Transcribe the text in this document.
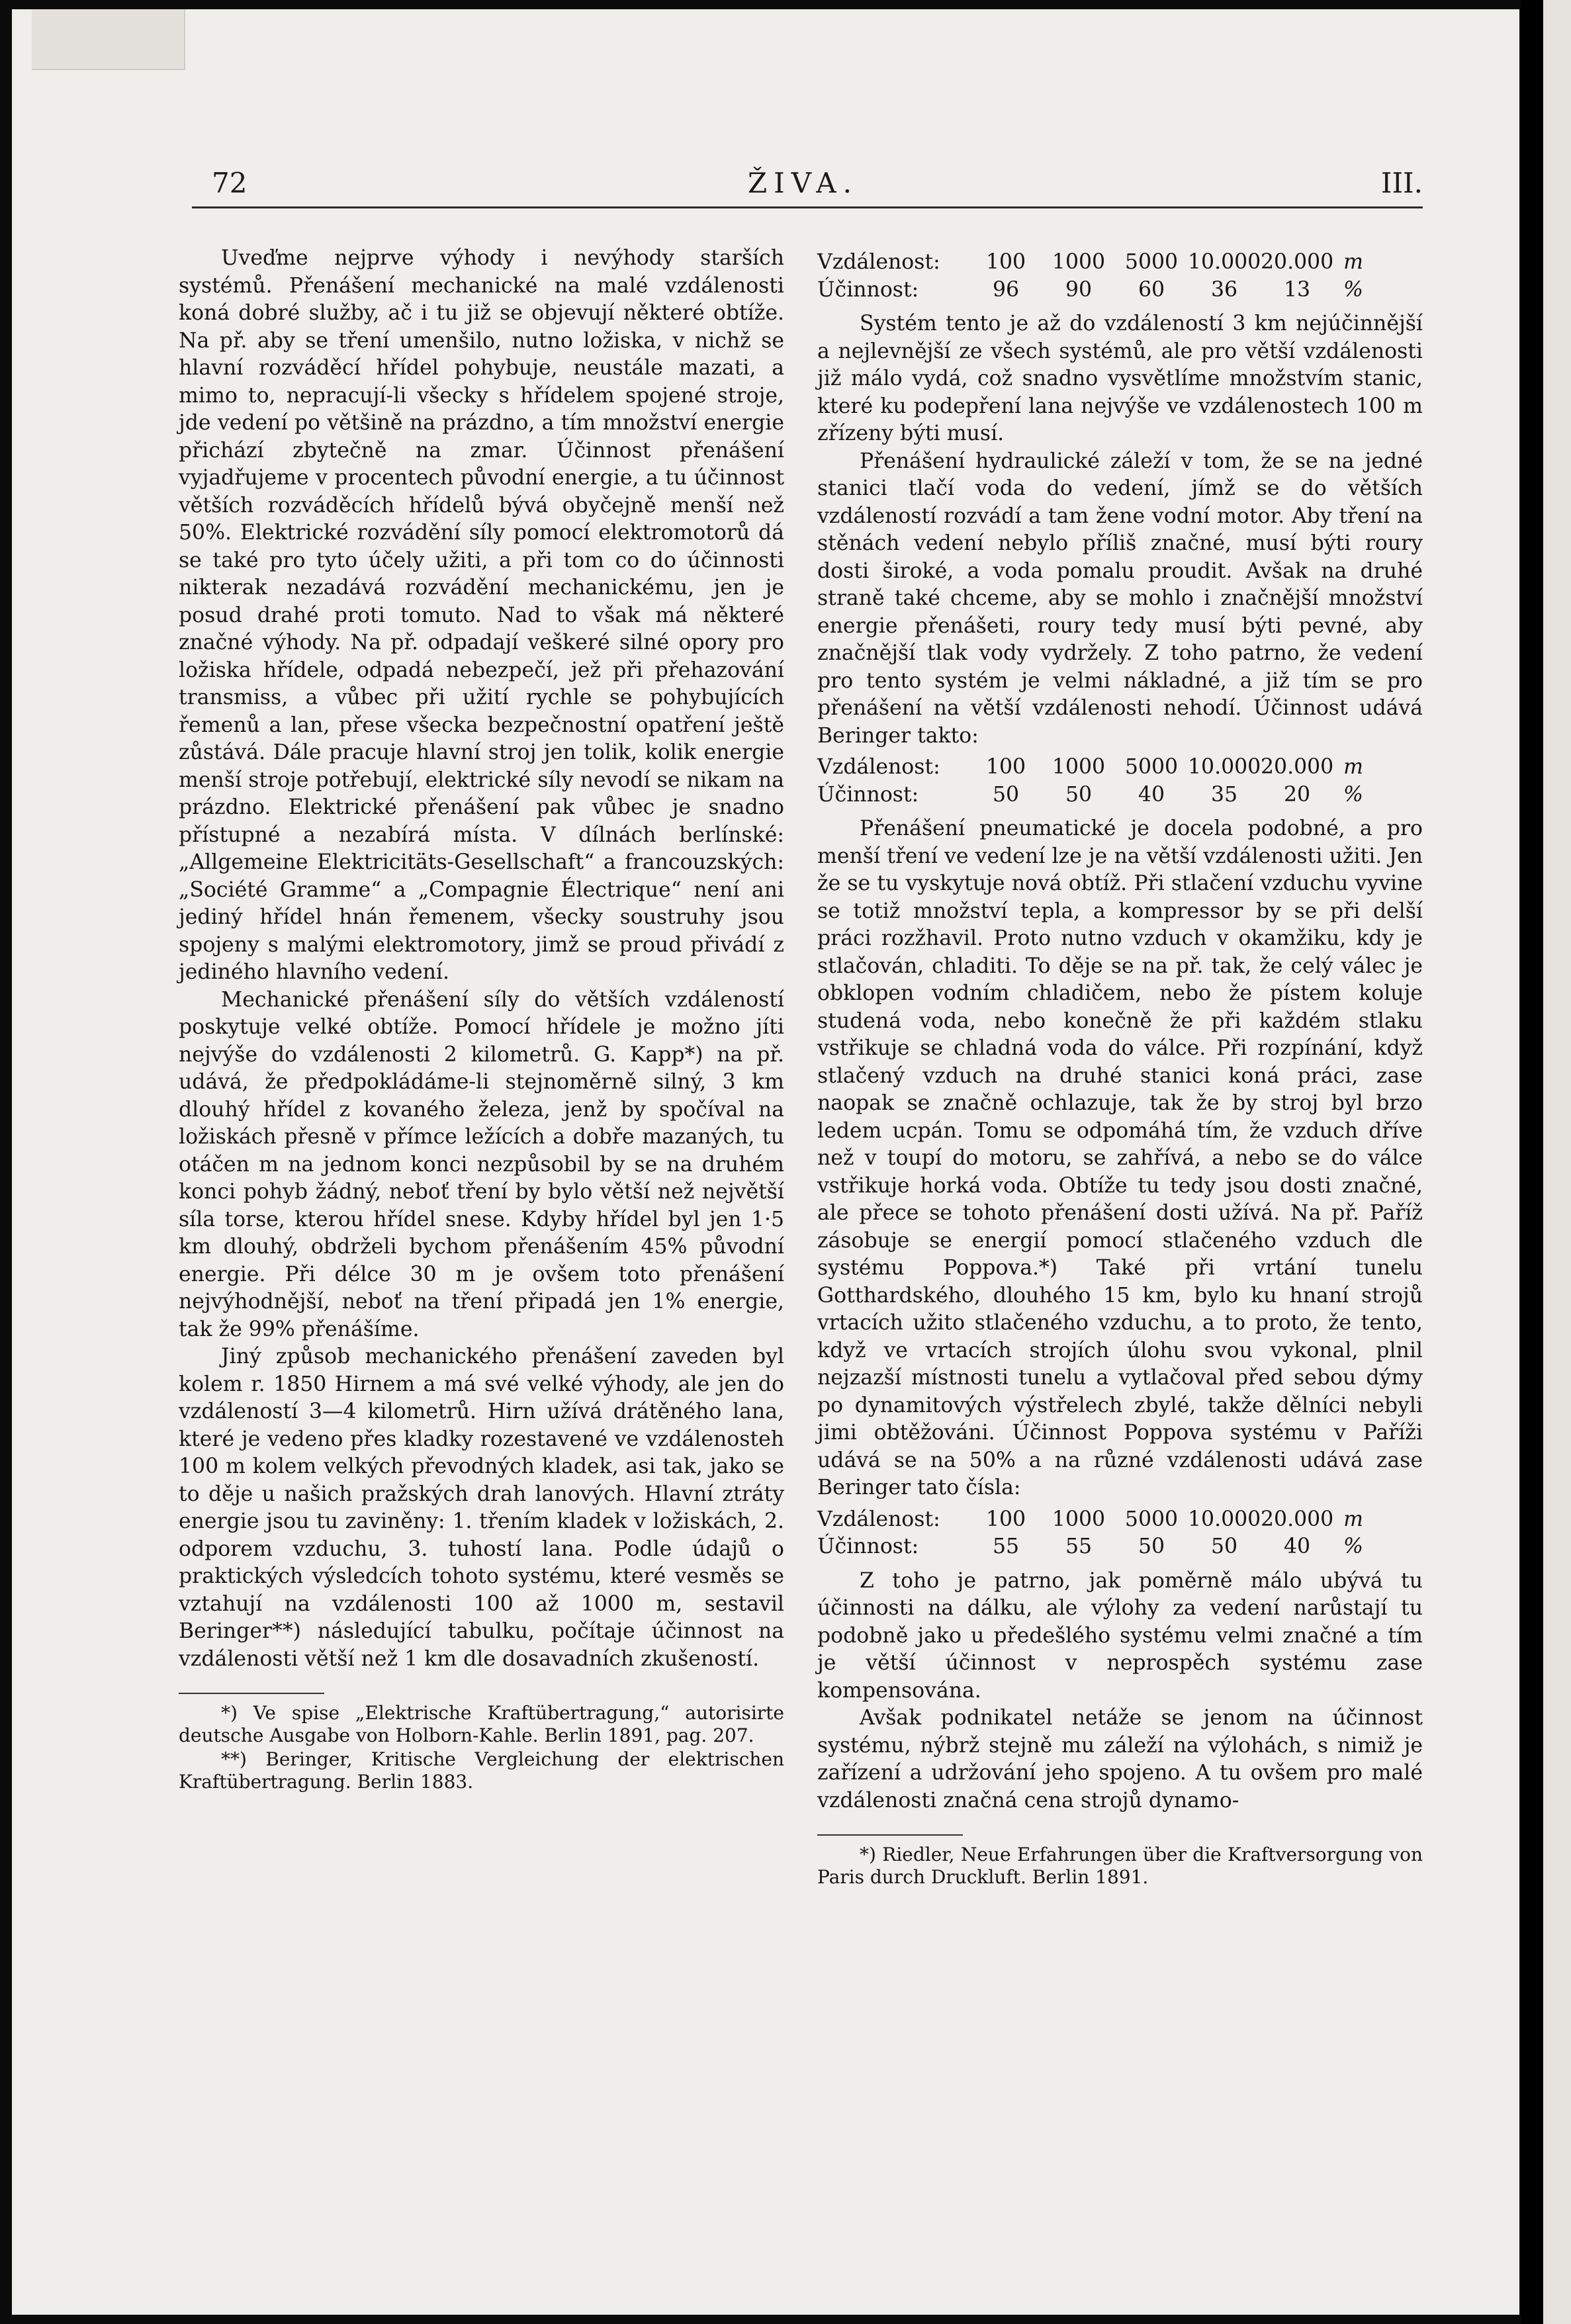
72	ŽIVA.	III.

Uveďme nejprve výhody i nevýhody starších systémů. Přenášení mechanické na malé vzdálenosti koná dobré služby, ač i tu již se objevují některé obtíže. Na př. aby se tření umenšilo, nutno ložiska, v nichž se hlavní rozváděcí hřídel pohybuje, neustále mazati, a mimo to, nepracují-li všecky s hřídelem spojené stroje, jde vedení po většině na prázdno, a tím množství energie přichází zbytečně na zmar. Účinnost přenášení vyjadřujeme v procentech původní energie, a tu účinnost větších rozváděcích hřídelů bývá obyčejně menší než 50%. Elektrické rozvádění síly pomocí elektromotorů dá se také pro tyto účely užiti, a při tom co do účinnosti nikterak nezadává rozvádění mechanickému, jen je posud drahé proti tomuto. Nad to však má některé značné výhody. Na př. odpadají veškeré silné opory pro ložiska hřídele, odpadá nebezpečí, jež při přehazování transmiss, a vůbec při užití rychle se pohybujících řemenů a lan, přese všecka bezpečnostní opatření ještě zůstává. Dále pracuje hlavní stroj jen tolik, kolik energie menší stroje potřebují, elektrické síly nevodí se nikam na prázdno. Elektrické přenášení pak vůbec je snadno přístupné a nezabírá místa. V dílnách berlínské: „Allgemeine Elektricitäts-Gesellschaft“ a francouzských: „Société Gramme“ a „Compagnie Électrique“ není ani jediný hřídel hnán řemenem, všecky soustruhy jsou spojeny s malými elektromotory, jimž se proud přivádí z jediného hlavního vedení.

Mechanické přenášení síly do větších vzdáleností poskytuje velké obtíže. Pomocí hřídele je možno jíti nejvýše do vzdálenosti 2 kilometrů. G. Kapp*) na př. udává, že předpokládáme-li stejnoměrně silný, 3 km dlouhý hřídel z kovaného železa, jenž by spočíval na ložiskách přesně v přímce ležících a dobře mazaných, tu otáčen m na jednom konci nezpůsobil by se na druhém konci pohyb žádný, neboť tření by bylo větší než největší síla torse, kterou hřídel snese. Kdyby hřídel byl jen 1·5 km dlouhý, obdrželi bychom přenášením 45% původní energie. Při délce 30 m je ovšem toto přenášení nejvýhodnější, neboť na tření připadá jen 1% energie, tak že 99% přenášíme.

Jiný způsob mechanického přenášení zaveden byl kolem r. 1850 Hirnem a má své velké výhody, ale jen do vzdáleností 3—4 kilometrů. Hirn užívá drátěného lana, které je vedeno přes kladky rozestavené ve vzdálenosteh 100 m kolem velkých převodných kladek, asi tak, jako se to děje u našich pražských drah lanových. Hlavní ztráty energie jsou tu zaviněny: 1. třením kladek v ložiskách, 2. odporem vzduchu, 3. tuhostí lana. Podle údajů o praktických výsledcích tohoto systému, které vesměs se vztahují na vzdálenosti 100 až 1000 m, sestavil Beringer**) následující tabulku, počítaje účinnost na vzdálenosti větší než 1 km dle dosavadních zkušeností.

*) Ve spise „Elektrische Kraftübertragung,“ autorisirte deutsche Ausgabe von Holborn-Kahle. Berlin 1891, pag. 207.
**) Beringer, Kritische Vergleichung der elektrischen Kraftübertragung. Berlin 1883.
Vzdálenost:	100	1000 5000 10.000 20.000 m
Účinnost:	96	90	60	36	13	%

Systém tento je až do vzdáleností 3 km nejúčinnější a nejlevnější ze všech systémů, ale pro větší vzdálenosti již málo vydá, což snadno vysvětlíme množstvím stanic, které ku podepření lana nejvýše ve vzdálenostech 100 m zřízeny býti musí.

Přenášení hydraulické záleží v tom, že se na jedné stanici tlačí voda do vedení, jímž se do větších vzdáleností rozvádí a tam žene vodní motor. Aby tření na stěnách vedení nebylo příliš značné, musí býti roury dosti široké, a voda pomalu proudit. Avšak na druhé straně také chceme, aby se mohlo i značnější množství energie přenášeti, roury tedy musí býti pevné, aby značnější tlak vody vydržely. Z toho patrno, že vedení pro tento systém je velmi nákladné, a již tím se pro přenášení na větší vzdálenosti nehodí. Účinnost udává Beringer takto:

Vzdálenost:	100	1000 5000 10.000 20.000 m
Účinnost:	50	50	40	35	20	%

Přenášení pneumatické je docela podobné, a pro menší tření ve vedení lze je na větší vzdálenosti užiti. Jen že se tu vyskytuje nová obtíž. Při stlačení vzduchu vyvine se totiž množství tepla, a kompressor by se při delší práci rozžhavil. Proto nutno vzduch v okamžiku, kdy je stlačován, chladiti. To děje se na př. tak, že celý válec je obklopen vodním chladičem, nebo že pístem koluje studená voda, nebo konečně že při každém stlaku vstřikuje se chladná voda do válce. Při rozpínání, když stlačený vzduch na druhé stanici koná práci, zase naopak se značně ochlazuje, tak že by stroj byl brzo ledem ucpán. Tomu se odpomáhá tím, že vzduch dříve než v toupí do motoru, se zahřívá, a nebo se do válce vstřikuje horká voda. Obtíže tu tedy jsou dosti značné, ale přece se tohoto přenášení dosti užívá. Na př. Paříž zásobuje se energií pomocí stlačeného vzduch dle systému Poppova.*) Také při vrtání tunelu Gotthardského, dlouhého 15 km, bylo ku hnaní strojů vrtacích užito stlačeného vzduchu, a to proto, že tento, když ve vrtacích strojích úlohu svou vykonal, plnil nejzazší místnosti tunelu a vytlačoval před sebou dýmy po dynamitových výstřelech zbylé, takže dělníci nebyli jimi obtěžováni. Účinnost Poppova systému v Paříži udává se na 50% a na různé vzdálenosti udává zase Beringer tato čísla:

Vzdálenost:	100	1000 5000 10.000 20.000 m
Účinnost:	55	55	50	50	40	%

Z toho je patrno, jak poměrně málo ubývá tu účinnosti na dálku, ale výlohy za vedení narůstají tu podobně jako u předešlého systému velmi značné a tím je větší účinnost v neprospěch systému zase kompensována.

Avšak podnikatel netáže se jenom na účinnost systému, nýbrž stejně mu záleží na výlohách, s nimiž je zařízení a udržování jeho spojeno. A tu ovšem pro malé vzdálenosti značná cena strojů dynamo-

*) Riedler, Neue Erfahrungen über die Kraftversorgung von Paris durch Druckluft. Berlin 1891.
